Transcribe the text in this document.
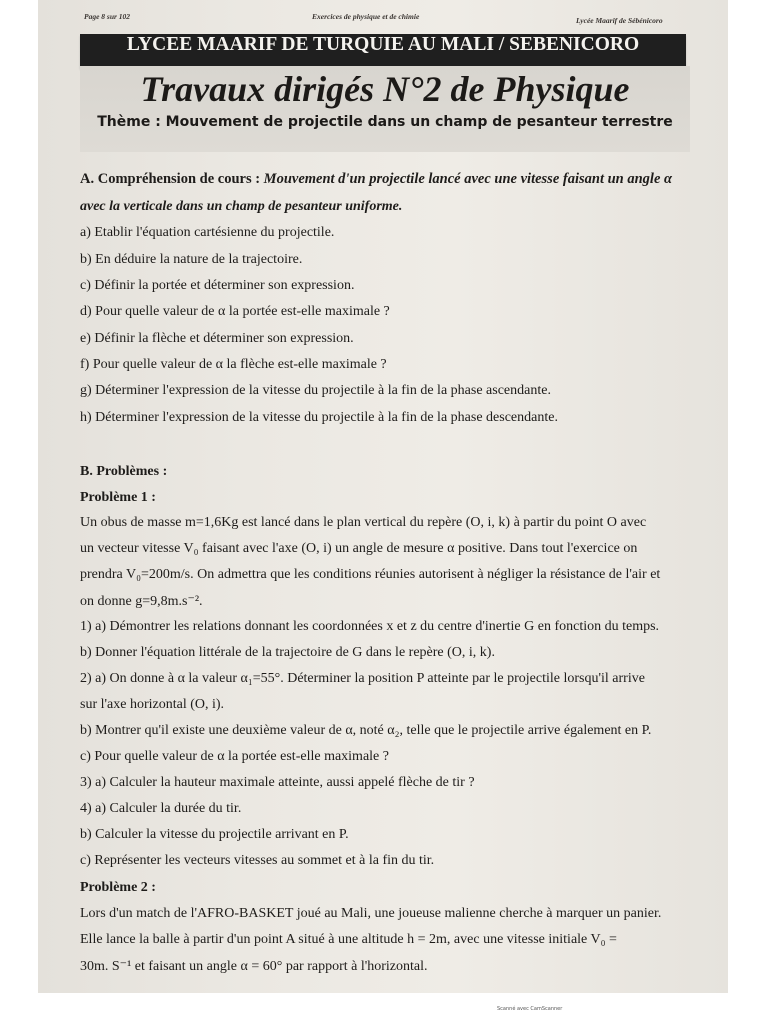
Page 8 sur 102	Exercices de physique et de chimie	Lycée Maarif de Sébénicoro
LYCEE MAARIF DE TURQUIE AU MALI / SEBENICORO
Travaux dirigés N°2 de Physique
Thème : Mouvement de projectile dans un champ de pesanteur terrestre
A. Compréhension de cours : Mouvement d'un projectile lancé avec une vitesse faisant un angle α
avec la verticale dans un champ de pesanteur uniforme.
a) Etablir l'équation cartésienne du projectile.
b) En déduire la nature de la trajectoire.
c) Définir la portée et déterminer son expression.
d) Pour quelle valeur de α la portée est-elle maximale ?
e) Définir la flèche et déterminer son expression.
f) Pour quelle valeur de α la flèche est-elle maximale ?
g) Déterminer l'expression de la vitesse du projectile à la fin de la phase ascendante.
h) Déterminer l'expression de la vitesse du projectile à la fin de la phase descendante.
B. Problèmes :
Problème 1 :
Un obus de masse m=1,6Kg est lancé dans le plan vertical du repère (O, i, k) à partir du point O avec
un vecteur vitesse V₀ faisant avec l'axe (O, i) un angle de mesure α positive. Dans tout l'exercice on
prendra V₀=200m/s. On admettra que les conditions réunies autorisent à négliger la résistance de l'air et
on donne g=9,8m.s⁻².
1) a) Démontrer les relations donnant les coordonnées x et z du centre d'inertie G en fonction du temps.
b) Donner l'équation littérale de la trajectoire de G dans le repère (O, i, k).
2) a) On donne à α la valeur α₁=55°. Déterminer la position P atteinte par le projectile lorsqu'il arrive
sur l'axe horizontal (O, i).
b) Montrer qu'il existe une deuxième valeur de α, noté α₂, telle que le projectile arrive également en P.
c) Pour quelle valeur de α la portée est-elle maximale ?
3) a) Calculer la hauteur maximale atteinte, aussi appelé flèche de tir ?
4) a) Calculer la durée du tir.
b) Calculer la vitesse du projectile arrivant en P.
c) Représenter les vecteurs vitesses au sommet et à la fin du tir.
Problème 2 :
Lors d'un match de l'AFRO-BASKET joué au Mali, une joueuse malienne cherche à marquer un panier.
Elle lance la balle à partir d'un point A situé à une altitude h = 2m, avec une vitesse initiale V₀ =
30m. S⁻¹ et faisant un angle α = 60° par rapport à l'horizontal.
Scanné avec CamScanner
